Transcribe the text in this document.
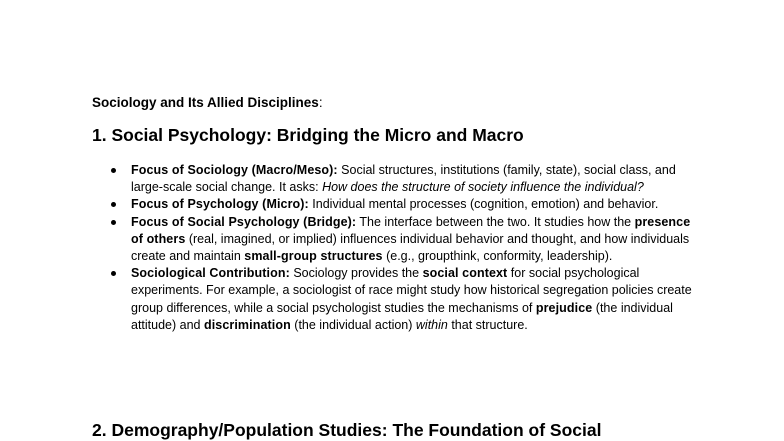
Sociology and Its Allied Disciplines:
1. Social Psychology: Bridging the Micro and Macro
Focus of Sociology (Macro/Meso): Social structures, institutions (family, state), social class, and large-scale social change. It asks: How does the structure of society influence the individual?
Focus of Psychology (Micro): Individual mental processes (cognition, emotion) and behavior.
Focus of Social Psychology (Bridge): The interface between the two. It studies how the presence of others (real, imagined, or implied) influences individual behavior and thought, and how individuals create and maintain small-group structures (e.g., groupthink, conformity, leadership).
Sociological Contribution: Sociology provides the social context for social psychological experiments. For example, a sociologist of race might study how historical segregation policies create group differences, while a social psychologist studies the mechanisms of prejudice (the individual attitude) and discrimination (the individual action) within that structure.
2. Demography/Population Studies: The Foundation of Social
